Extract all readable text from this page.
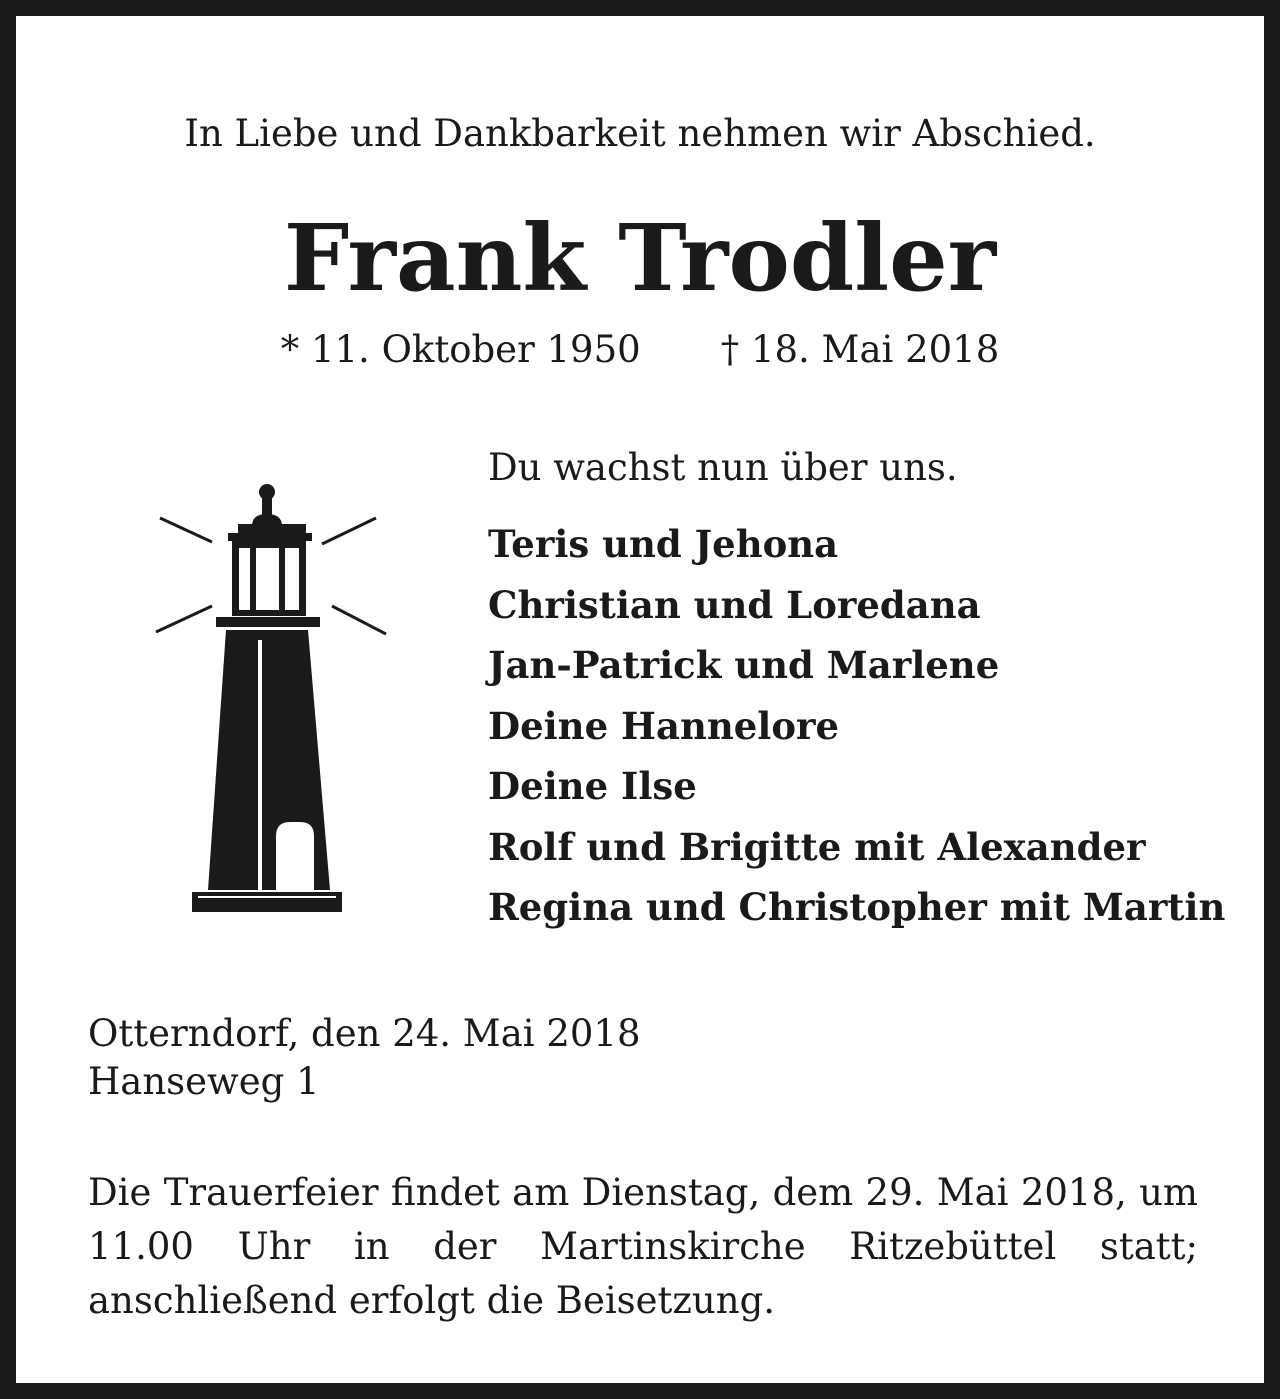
In Liebe und Dankbarkeit nehmen wir Abschied.
Frank Trodler
* 11. Oktober 1950 † 18. Mai 2018
Du wachst nun über uns.
Teris und Jehona
Christian und Loredana
Jan-Patrick und Marlene
Deine Hannelore
Deine Ilse
Rolf und Brigitte mit Alexander
Regina und Christopher mit Martin
Otterndorf, den 24. Mai 2018
Hanseweg 1
Die Trauerfeier findet am Dienstag, dem 29. Mai 2018, um 11.00 Uhr in der Martinskirche Ritzebüttel statt; anschließend erfolgt die Beisetzung.
